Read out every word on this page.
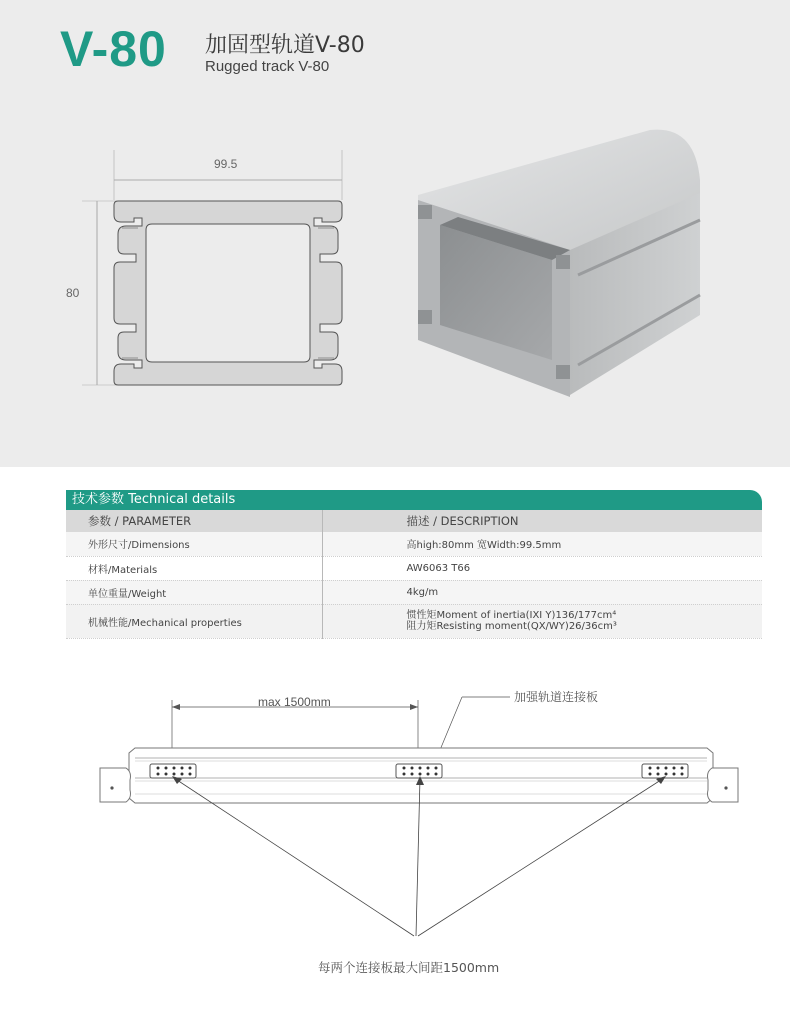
V-80 加固型轨道V-80
Rugged track V-80
99.5
80
技术参数 Technical details
参数 / PARAMETER	描述 / DESCRIPTION
外形尺寸/Dimensions	高high:80mm 宽Width:99.5mm
材料/Materials	AW6063 T66
单位重量/Weight	4kg/m
机械性能/Mechanical properties	惯性矩Moment of inertia(IXI Y)136/177cm⁴
阻力矩Resisting moment(QX/WY)26/36cm³
max 1500mm	加强轨道连接板
每两个连接板最大间距1500mm
